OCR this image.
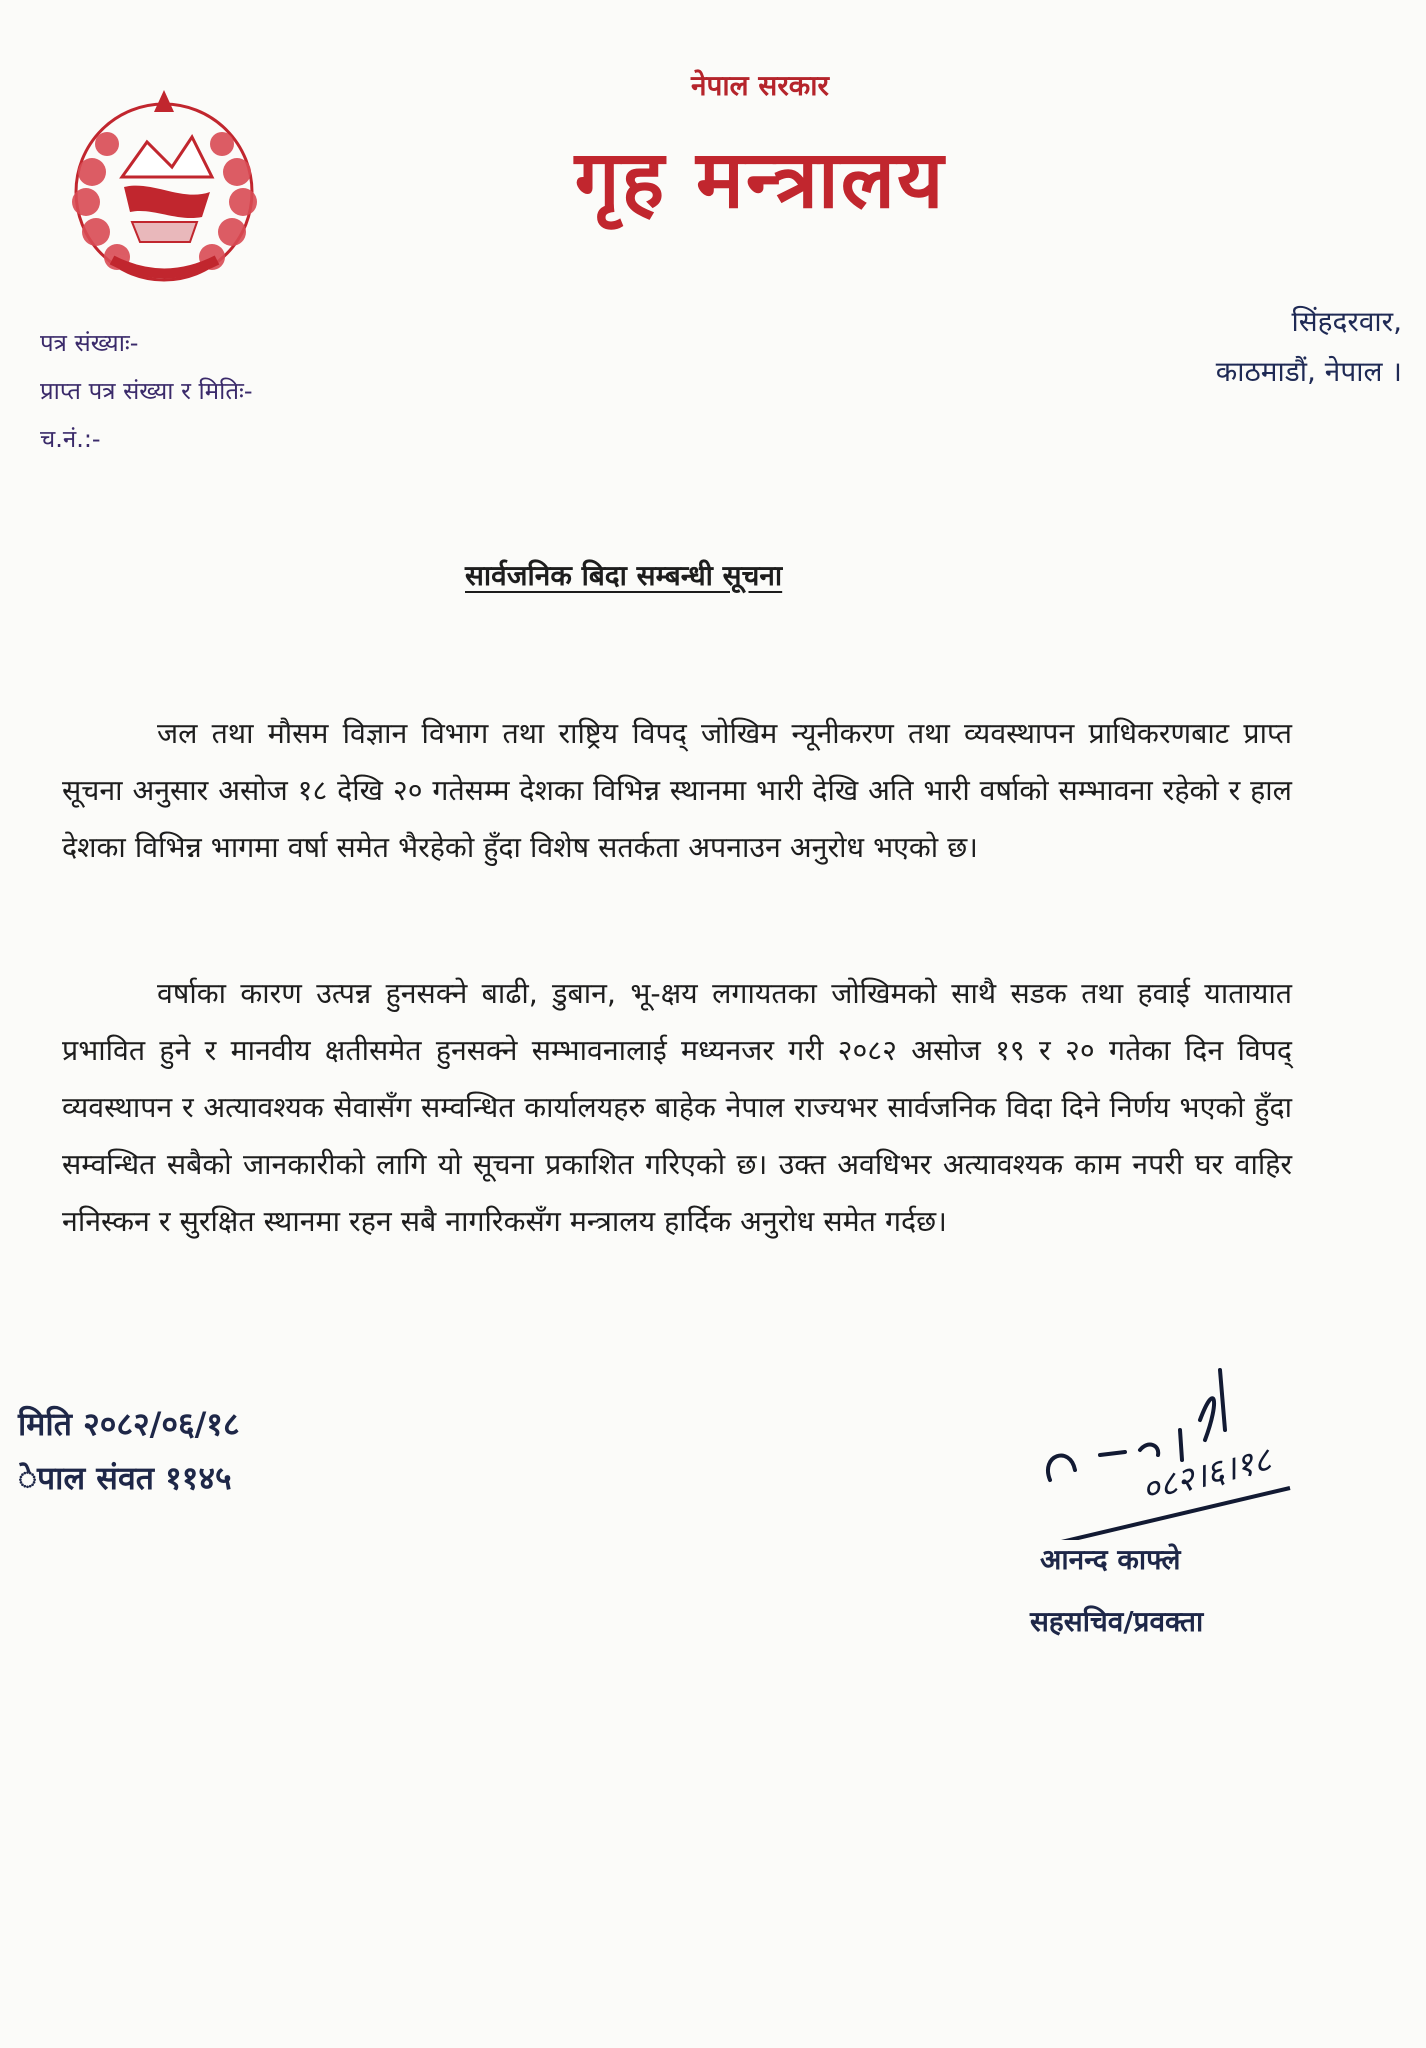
नेपाल सरकार
गृह मन्त्रालय
पत्र संख्याः-
प्राप्त पत्र संख्या र मितिः-
च.नं.:-
सिंहदरवार,
काठमाडौं, नेपाल ।
सार्वजनिक बिदा सम्बन्धी सूचना

जल तथा मौसम विज्ञान विभाग तथा राष्ट्रिय विपद् जोखिम न्यूनीकरण तथा व्यवस्थापन प्राधिकरणबाट प्राप्त सूचना अनुसार असोज १८ देखि २० गतेसम्म देशका विभिन्न स्थानमा भारी देखि अति भारी वर्षाको सम्भावना रहेको र हाल देशका विभिन्न भागमा वर्षा समेत भैरहेको हुँदा विशेष सतर्कता अपनाउन अनुरोध भएको छ।

वर्षाका कारण उत्पन्न हुनसक्ने बाढी, डुबान, भू-क्षय लगायतका जोखिमको साथै सडक तथा हवाई यातायात प्रभावित हुने र मानवीय क्षतीसमेत हुनसक्ने सम्भावनालाई मध्यनजर गरी २०८२ असोज १९ र २० गतेका दिन विपद् व्यवस्थापन र अत्यावश्यक सेवासँग सम्वन्धित कार्यालयहरु बाहेक नेपाल राज्यभर सार्वजनिक विदा दिने निर्णय भएको हुँदा सम्वन्धित सबैको जानकारीको लागि यो सूचना प्रकाशित गरिएको छ। उक्त अवधिभर अत्यावश्यक काम नपरी घर वाहिर ननिस्कन र सुरक्षित स्थानमा रहन सबै नागरिकसँग मन्त्रालय हार्दिक अनुरोध समेत गर्दछ।

मिति २०८२/०६/१८
ेपाल संवत ११४५	०८२।६।१८
आनन्द काफ्ले
सहसचिव/प्रवक्ता
